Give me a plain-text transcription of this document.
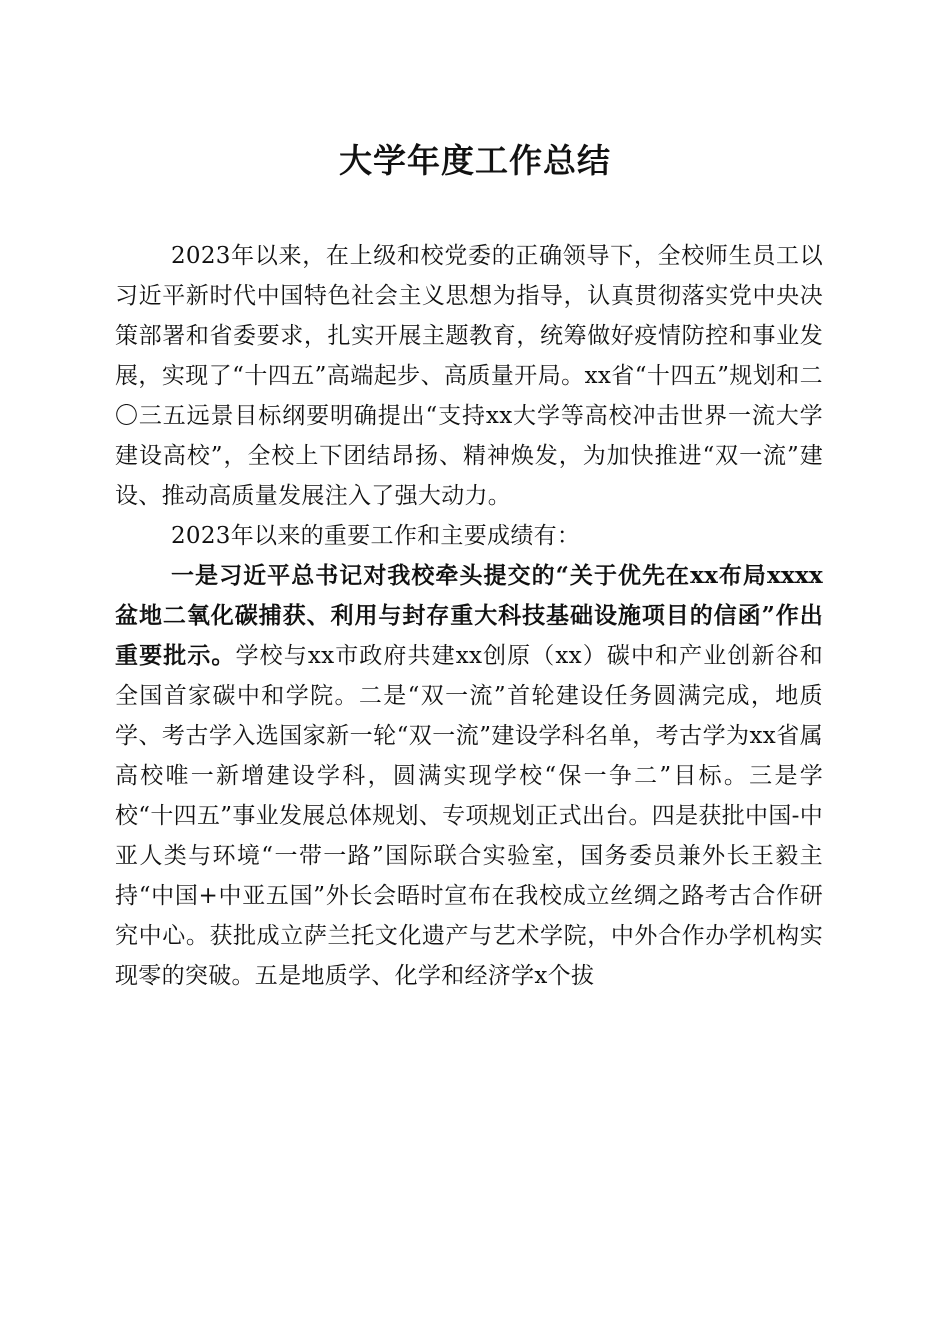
大学年度工作总结

2023年以来，在上级和校党委的正确领导下，全校师生员工以习近平新时代中国特色社会主义思想为指导，认真贯彻落实党中央决策部署和省委要求，扎实开展主题教育，统筹做好疫情防控和事业发展，实现了“十四五”高端起步、高质量开局。xx省“十四五”规划和二〇三五远景目标纲要明确提出“支持xx大学等高校冲击世界一流大学建设高校”，全校上下团结昂扬、精神焕发，为加快推进“双一流”建设、推动高质量发展注入了强大动力。

2023年以来的重要工作和主要成绩有：

一是习近平总书记对我校牵头提交的“关于优先在xx布局xxxx盆地二氧化碳捕获、利用与封存重大科技基础设施项目的信函”作出重要批示。学校与xx市政府共建xx创原（xx）碳中和产业创新谷和全国首家碳中和学院。二是“双一流”首轮建设任务圆满完成，地质学、考古学入选国家新一轮“双一流”建设学科名单，考古学为xx省属高校唯一新增建设学科，圆满实现学校“保一争二”目标。三是学校“十四五”事业发展总体规划、专项规划正式出台。四是获批中国-中亚人类与环境“一带一路”国际联合实验室，国务委员兼外长王毅主持“中国+中亚五国”外长会晤时宣布在我校成立丝绸之路考古合作研究中心。获批成立萨兰托文化遗产与艺术学院，中外合作办学机构实现零的突破。五是地质学、化学和经济学x个拔
